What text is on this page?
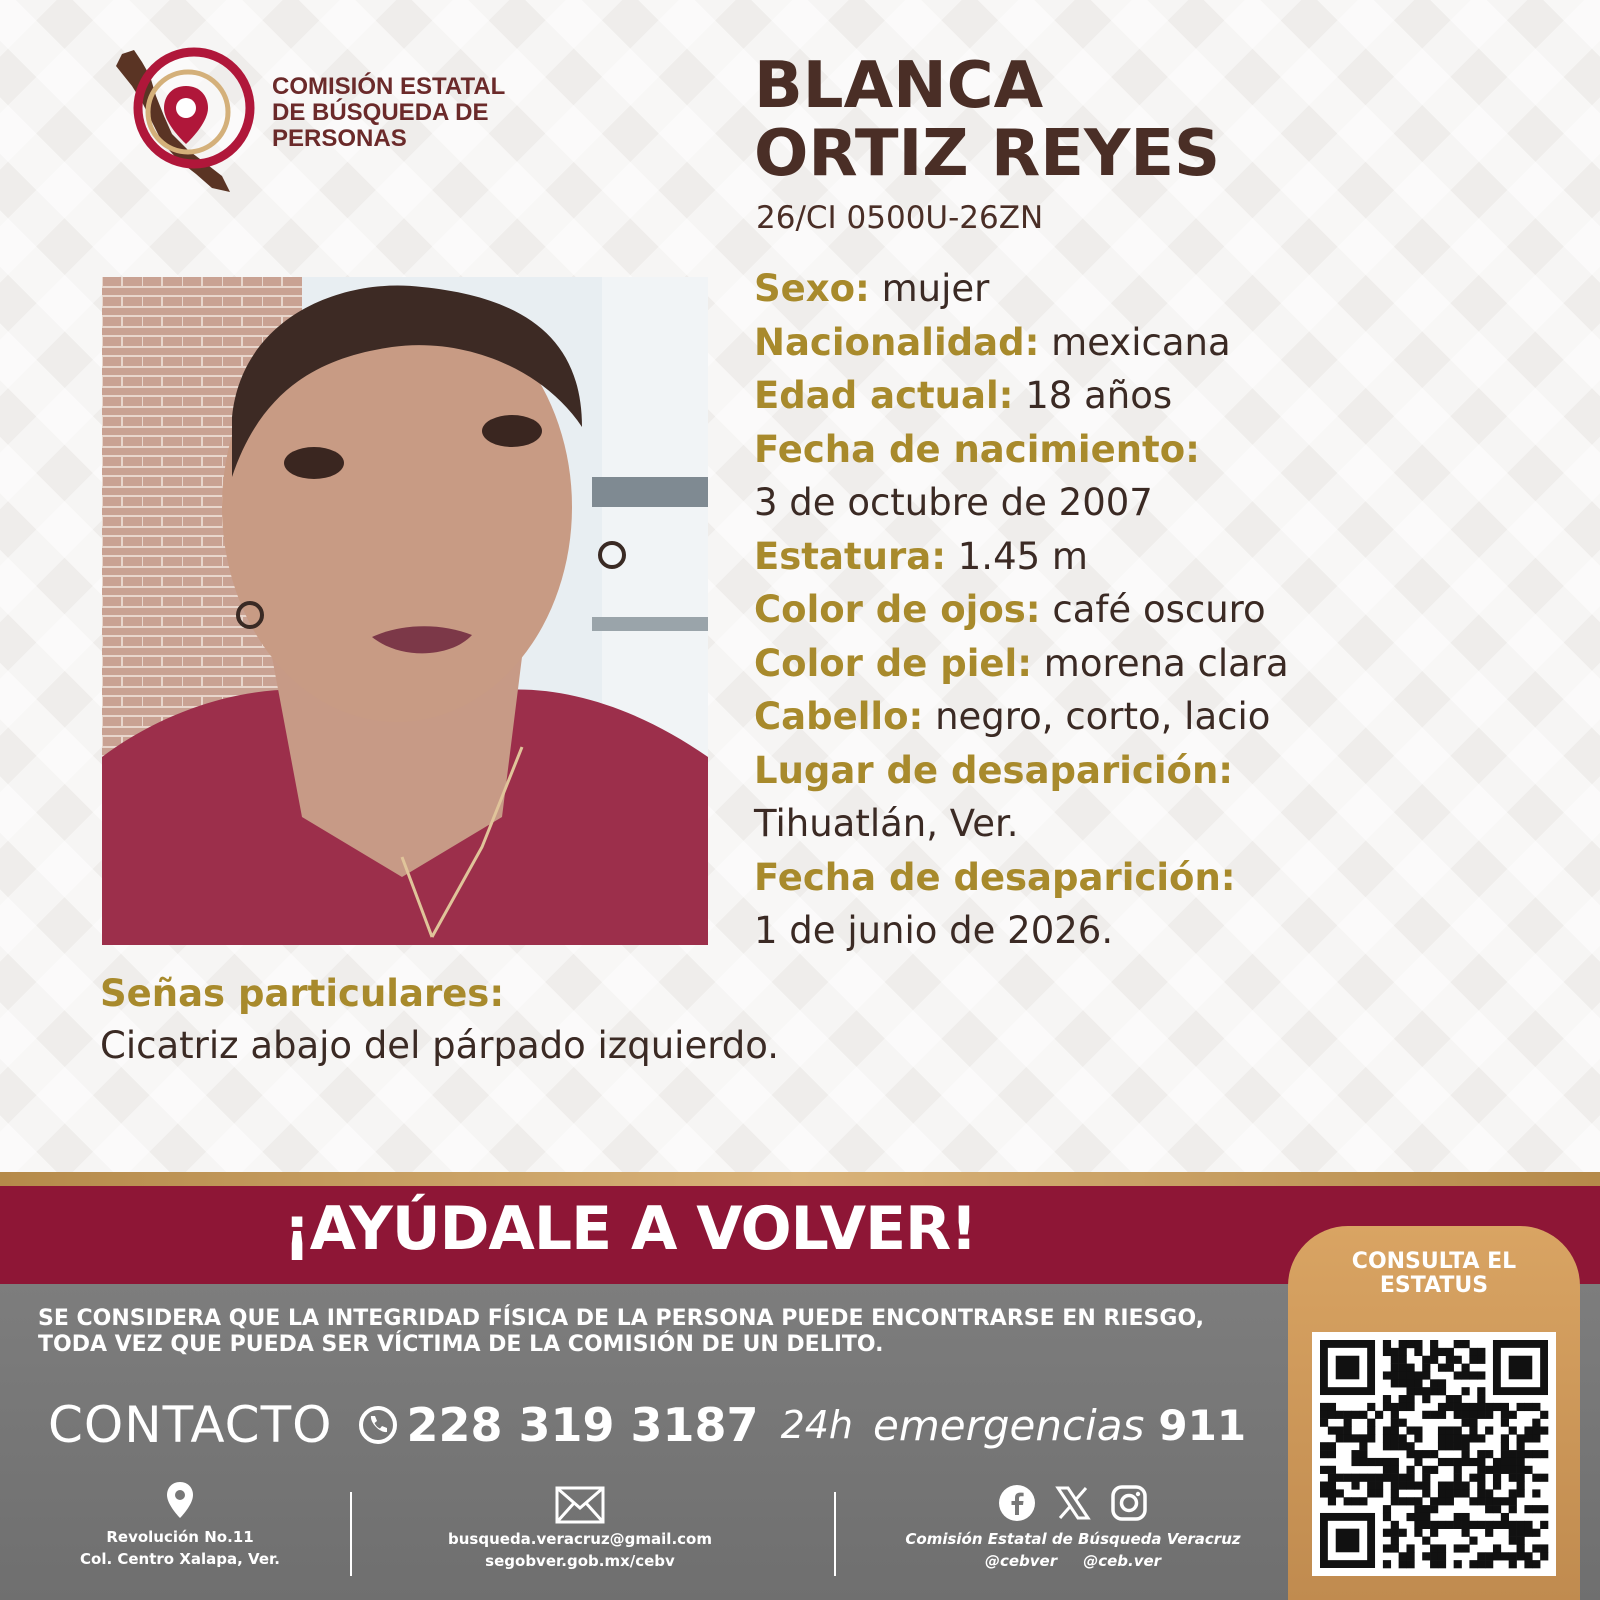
COMISIÓN ESTATAL
DE BÚSQUEDA DE
PERSONAS
BLANCA
ORTIZ REYES
26/CI 0500U-26ZN
Sexo: mujer
Nacionalidad: mexicana
Edad actual: 18 años
Fecha de nacimiento:
3 de octubre de 2007
Estatura: 1.45 m
Color de ojos: café oscuro
Color de piel: morena clara
Cabello: negro, corto, lacio
Lugar de desaparición:
Tihuatlán, Ver.
Fecha de desaparición:
1 de junio de 2026.
Señas particulares:
Cicatriz abajo del párpado izquierdo.
¡AYÚDALE A VOLVER!
SE CONSIDERA QUE LA INTEGRIDAD FÍSICA DE LA PERSONA PUEDE ENCONTRARSE EN RIESGO,
TODA VEZ QUE PUEDA SER VÍCTIMA DE LA COMISIÓN DE UN DELITO.
CONTACTO 228 319 3187 24h emergencias 911
Revolución No.11
Col. Centro Xalapa, Ver.
busqueda.veracruz@gmail.com
segobver.gob.mx/cebv
Comisión Estatal de Búsqueda Veracruz
@cebver     @ceb.ver
CONSULTA EL
ESTATUS
